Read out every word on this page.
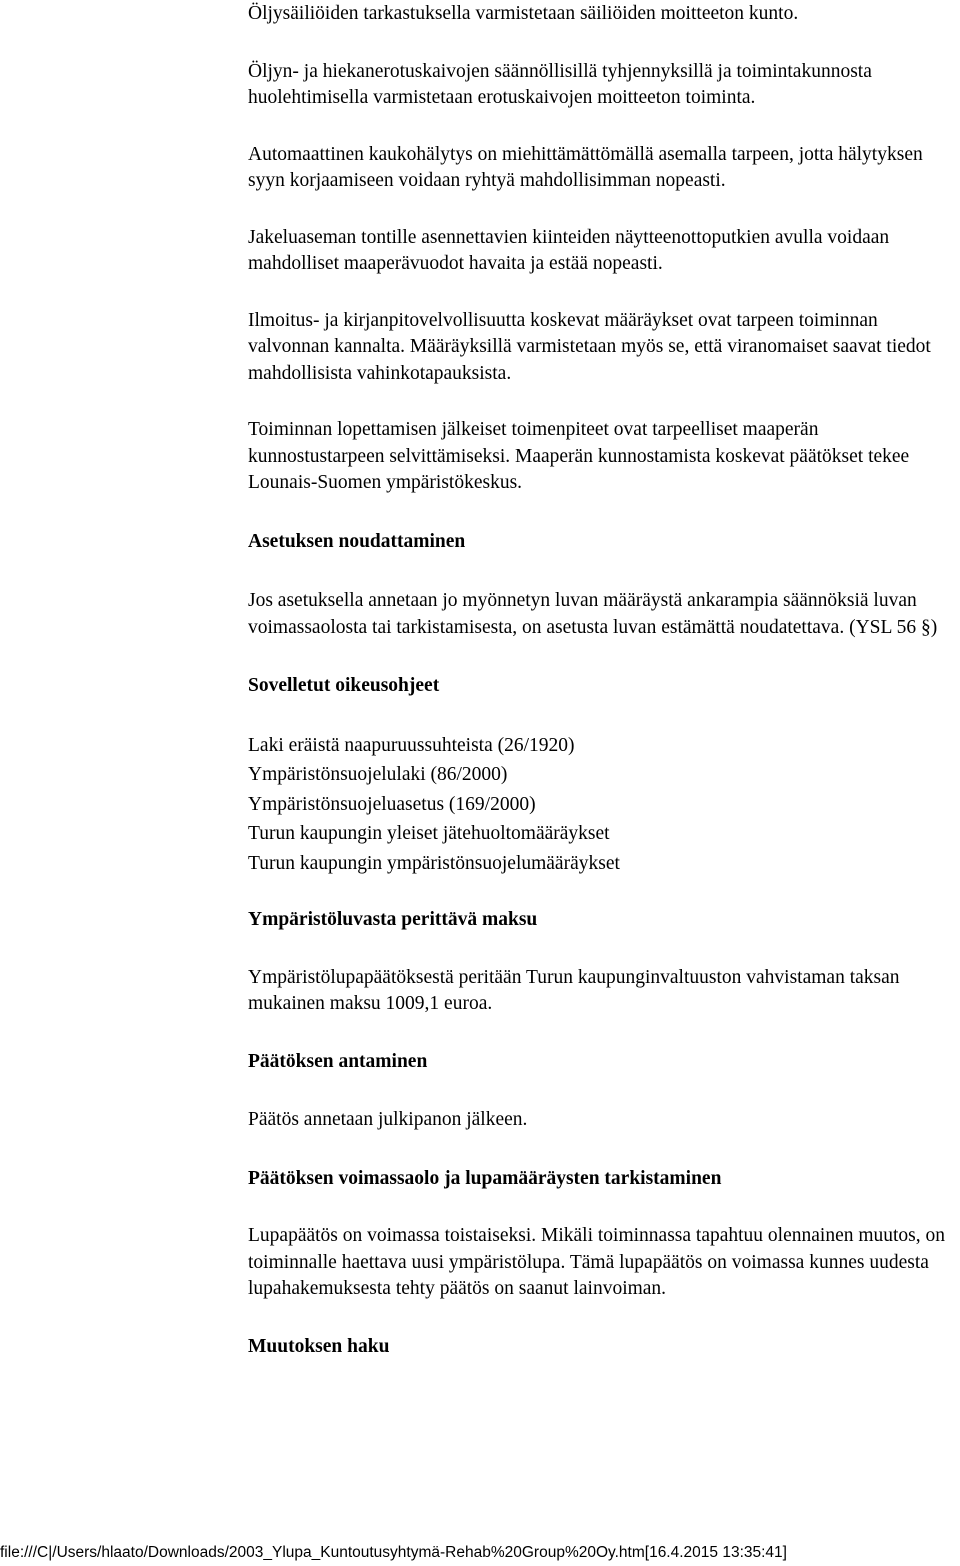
Öljysäiliöiden tarkastuksella varmistetaan säiliöiden moitteeton kunto.

Öljyn- ja hiekanerotuskaivojen säännöllisillä tyhjennyksillä ja toimintakunnosta huolehtimisella varmistetaan erotuskaivojen moitteeton toiminta.

Automaattinen kaukohälytys on miehittämättömällä asemalla tarpeen, jotta hälytyksen syyn korjaamiseen voidaan ryhtyä mahdollisimman nopeasti.

Jakeluaseman tontille asennettavien kiinteiden näytteenottoputkien avulla voidaan mahdolliset maaperävuodot havaita ja estää nopeasti.

Ilmoitus- ja kirjanpitovelvollisuutta koskevat määräykset ovat tarpeen toiminnan valvonnan kannalta. Määräyksillä varmistetaan myös se, että viranomaiset saavat tiedot mahdollisista vahinkotapauksista.

Toiminnan lopettamisen jälkeiset toimenpiteet ovat tarpeelliset maaperän kunnostustarpeen selvittämiseksi. Maaperän kunnostamista koskevat päätökset tekee Lounais-Suomen ympäristökeskus.

Asetuksen noudattaminen

Jos asetuksella annetaan jo myönnetyn luvan määräystä ankarampia säännöksiä luvan voimassaolosta tai tarkistamisesta, on asetusta luvan estämättä noudatettava. (YSL 56 §)

Sovelletut oikeusohjeet
Laki eräistä naapuruussuhteista (26/1920)
Ympäristönsuojelulaki (86/2000)
Ympäristönsuojeluasetus (169/2000)
Turun kaupungin yleiset jätehuoltomääräykset
Turun kaupungin ympäristönsuojelumääräykset
Ympäristöluvasta perittävä maksu

Ympäristölupapäätöksestä peritään Turun kaupunginvaltuuston vahvistaman taksan mukainen maksu 1009,1 euroa.

Päätöksen antaminen

Päätös annetaan julkipanon jälkeen.

Päätöksen voimassaolo ja lupamääräysten tarkistaminen

Lupapäätös on voimassa toistaiseksi. Mikäli toiminnassa tapahtuu olennainen muutos, on toiminnalle haettava uusi ympäristölupa. Tämä lupapäätös on voimassa kunnes uudesta lupahakemuksesta tehty päätös on saanut lainvoiman.

Muutoksen haku
file:///C|/Users/hlaato/Downloads/2003_Ylupa_Kuntoutusyhtymä-Rehab%20Group%20Oy.htm[16.4.2015 13:35:41]
